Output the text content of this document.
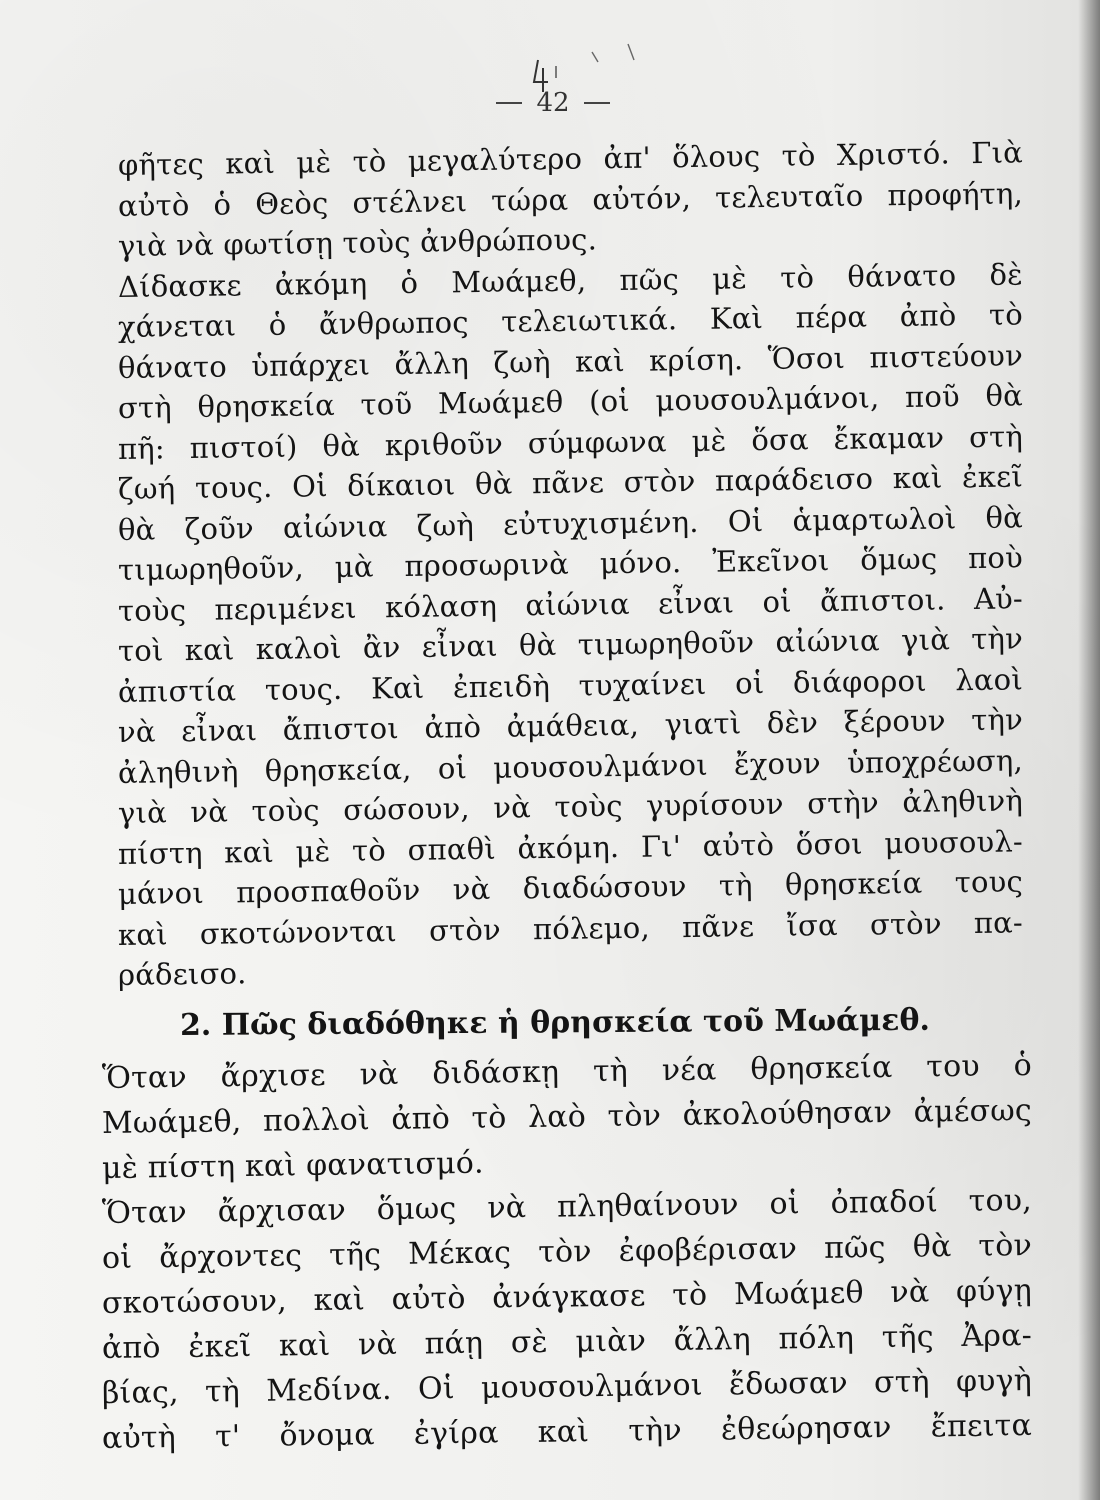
42
φῆτες καὶ μὲ τὸ μεγαλύτερο ἀπ' ὅλους τὸ Χριστό. Γιὰ
αὐτὸ ὁ Θεὸς στέλνει τώρα αὐτόν, τελευταῖο προφήτη,
γιὰ νὰ φωτίσῃ τοὺς ἀνθρώπους.
Δίδασκε ἀκόμη ὁ Μωάμεθ, πῶς μὲ τὸ θάνατο δὲ
χάνεται ὁ ἄνθρωπος τελειωτικά. Καὶ πέρα ἀπὸ τὸ
θάνατο ὑπάρχει ἄλλη ζωὴ καὶ κρίση. Ὅσοι πιστεύουν
στὴ θρησκεία τοῦ Μωάμεθ (οἱ μουσουλμάνοι, ποῦ θὰ
πῆ: πιστοί) θὰ κριθοῦν σύμφωνα μὲ ὅσα ἔκαμαν στὴ
ζωή τους. Οἱ δίκαιοι θὰ πᾶνε στὸν παράδεισο καὶ ἐκεῖ
θὰ ζοῦν αἰώνια ζωὴ εὐτυχισμένη. Οἱ ἁμαρτωλοὶ θὰ
τιμωρηθοῦν, μὰ προσωρινὰ μόνο. Ἐκεῖνοι ὅμως ποὺ
τοὺς περιμένει κόλαση αἰώνια εἶναι οἱ ἄπιστοι. Αὐ-
τοὶ καὶ καλοὶ ἂν εἶναι θὰ τιμωρηθοῦν αἰώνια γιὰ τὴν
ἀπιστία τους. Καὶ ἐπειδὴ τυχαίνει οἱ διάφοροι λαοὶ
νὰ εἶναι ἄπιστοι ἀπὸ ἀμάθεια, γιατὶ δὲν ξέρουν τὴν
ἀληθινὴ θρησκεία, οἱ μουσουλμάνοι ἔχουν ὑποχρέωση,
γιὰ νὰ τοὺς σώσουν, νὰ τοὺς γυρίσουν στὴν ἀληθινὴ
πίστη καὶ μὲ τὸ σπαθὶ ἀκόμη. Γι' αὐτὸ ὅσοι μουσουλ-
μάνοι προσπαθοῦν νὰ διαδώσουν τὴ θρησκεία τους
καὶ σκοτώνονται στὸν πόλεμο, πᾶνε ἴσα στὸν πα-
ράδεισο.
2. Πῶς διαδόθηκε ἡ θρησκεία τοῦ Μωάμεθ.
Ὅταν ἄρχισε νὰ διδάσκῃ τὴ νέα θρησκεία του ὁ
Μωάμεθ, πολλοὶ ἀπὸ τὸ λαὸ τὸν ἀκολούθησαν ἀμέσως
μὲ πίστη καὶ φανατισμό.
Ὅταν ἄρχισαν ὅμως νὰ πληθαίνουν οἱ ὀπαδοί του,
οἱ ἄρχοντες τῆς Μέκας τὸν ἐφοβέρισαν πῶς θὰ τὸν
σκοτώσουν, καὶ αὐτὸ ἀνάγκασε τὸ Μωάμεθ νὰ φύγῃ
ἀπὸ ἐκεῖ καὶ νὰ πάῃ σὲ μιὰν ἄλλη πόλη τῆς Ἀρα-
βίας, τὴ Μεδίνα. Οἱ μουσουλμάνοι ἔδωσαν στὴ φυγὴ
αὐτὴ τ' ὄνομα ἐγίρα καὶ τὴν ἐθεώρησαν ἔπειτα
